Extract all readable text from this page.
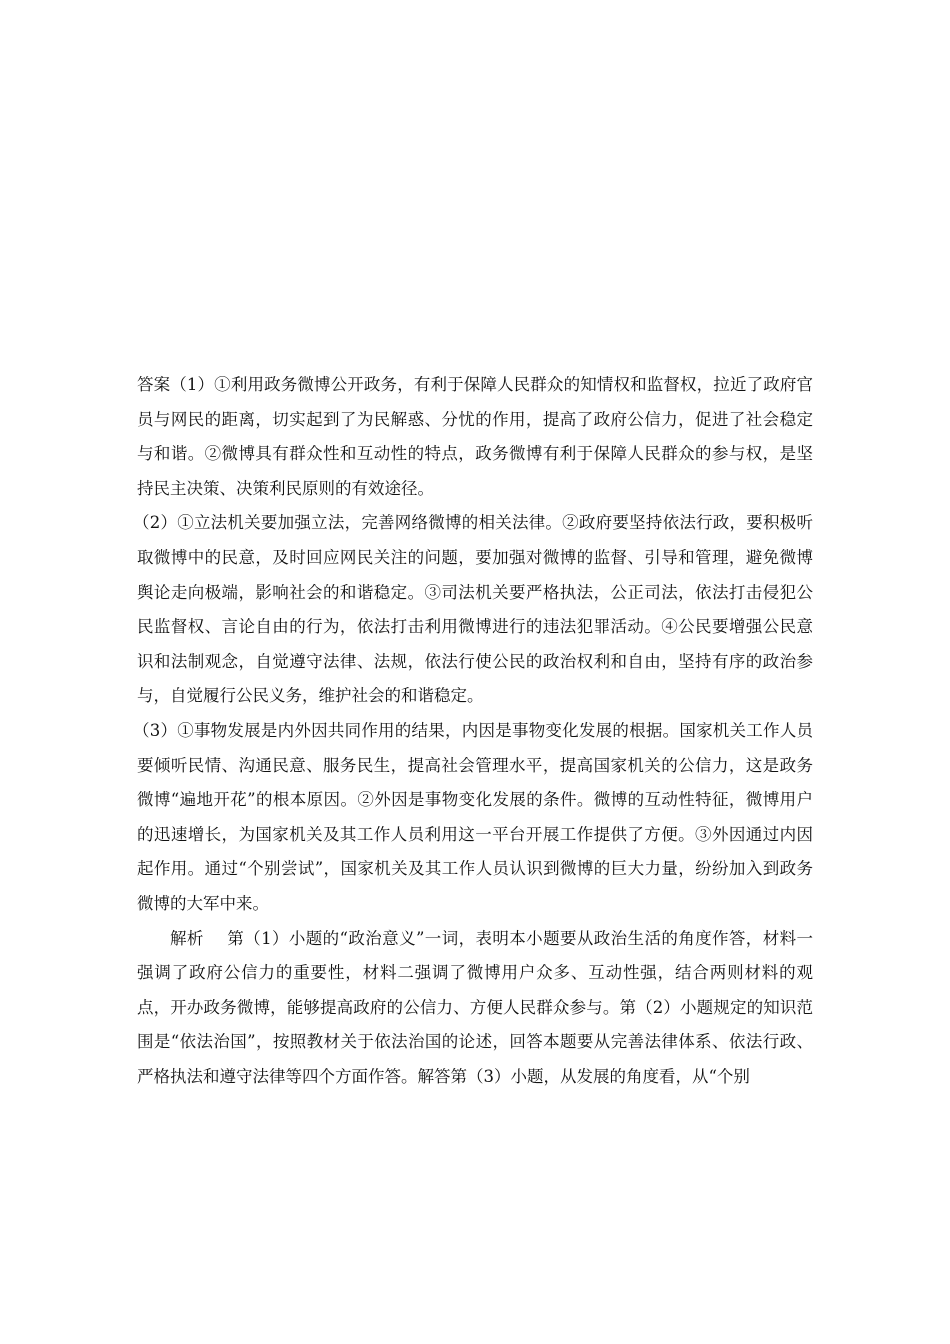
答案（1）①利用政务微博公开政务，有利于保障人民群众的知情权和监督权，拉近了政府官员与网民的距离，切实起到了为民解惑、分忧的作用，提高了政府公信力，促进了社会稳定与和谐。②微博具有群众性和互动性的特点，政务微博有利于保障人民群众的参与权，是坚持民主决策、决策利民原则的有效途径。

（2）①立法机关要加强立法，完善网络微博的相关法律。②政府要坚持依法行政，要积极听取微博中的民意，及时回应网民关注的问题，要加强对微博的监督、引导和管理，避免微博舆论走向极端，影响社会的和谐稳定。③司法机关要严格执法，公正司法，依法打击侵犯公民监督权、言论自由的行为，依法打击利用微博进行的违法犯罪活动。④公民要增强公民意识和法制观念，自觉遵守法律、法规，依法行使公民的政治权利和自由，坚持有序的政治参与，自觉履行公民义务，维护社会的和谐稳定。

（3）①事物发展是内外因共同作用的结果，内因是事物变化发展的根据。国家机关工作人员要倾听民情、沟通民意、服务民生，提高社会管理水平，提高国家机关的公信力，这是政务微博“遍地开花”的根本原因。②外因是事物变化发展的条件。微博的互动性特征，微博用户的迅速增长，为国家机关及其工作人员利用这一平台开展工作提供了方便。③外因通过内因起作用。通过“个别尝试”，国家机关及其工作人员认识到微博的巨大力量，纷纷加入到政务微博的大军中来。

解析 第（1）小题的“政治意义”一词，表明本小题要从政治生活的角度作答，材料一强调了政府公信力的重要性，材料二强调了微博用户众多、互动性强，结合两则材料的观点，开办政务微博，能够提高政府的公信力、方便人民群众参与。第（2）小题规定的知识范围是“依法治国”，按照教材关于依法治国的论述，回答本题要从完善法律体系、依法行政、严格执法和遵守法律等四个方面作答。解答第（3）小题，从发展的角度看，从“个别
